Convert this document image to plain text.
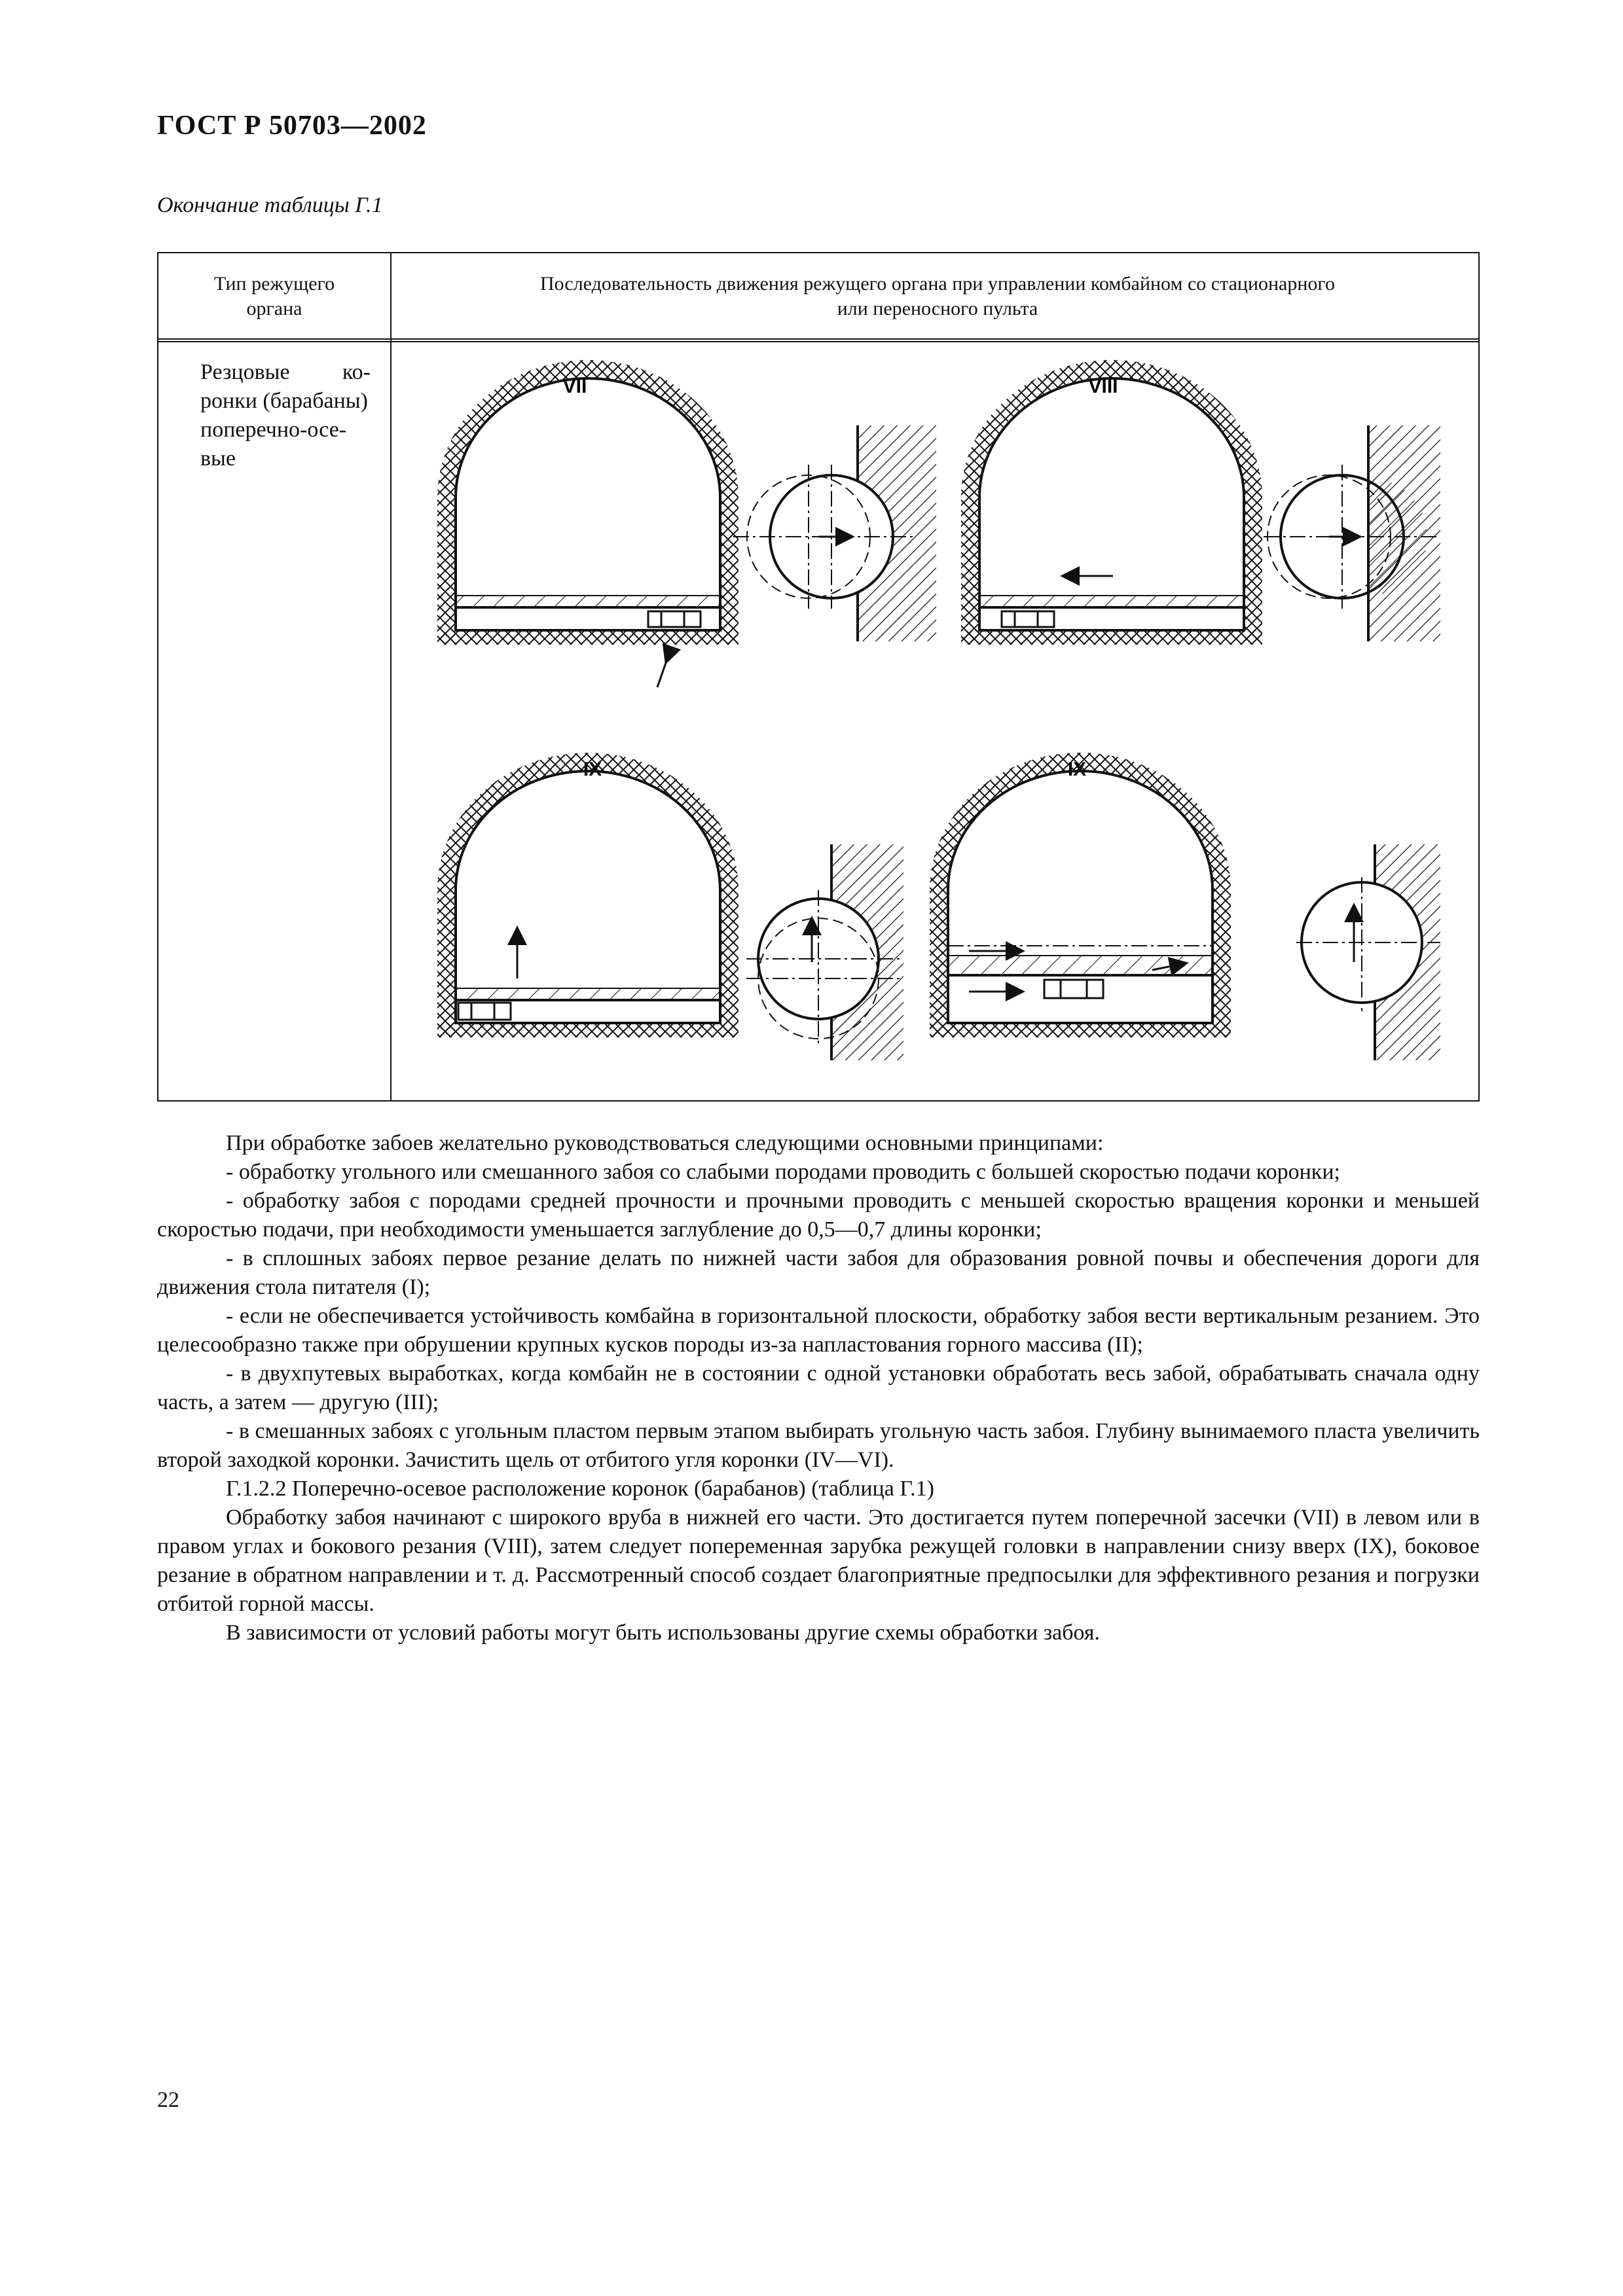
ГОСТ Р 50703—2002
Окончание таблицы Г.1
Тип режущего
органа
Последовательность движения режущего органа при управлении комбайном со стационарного
или переносного пульта
Резцовые ко-
ронки (барабаны)
поперечно-осе-
вые
VII	VIII

При обработке забоев желательно руководствоваться следующими основными принципами:

- обработку угольного или смешанного забоя со слабыми породами проводить с большей скоростью подачи коронки;

- обработку забоя с породами средней прочности и прочными проводить с меньшей скоростью вращения коронки и меньшей скоростью подачи, при необходимости уменьшается заглубление до 0,5—0,7 длины коронки;

- в сплошных забоях первое резание делать по нижней части забоя для образования ровной почвы и обеспечения дороги для движения стола питателя (I);

- если не обеспечивается устойчивость комбайна в горизонтальной плоскости, обработку забоя вести вертикальным резанием. Это целесообразно также при обрушении крупных кусков породы из-за напластования горного массива (II);

- в двухпутевых выработках, когда комбайн не в состоянии с одной установки обработать весь забой, обрабатывать сначала одну часть, а затем — другую (III);

- в смешанных забоях с угольным пластом первым этапом выбирать угольную часть забоя. Глубину вынимаемого пласта увеличить второй заходкой коронки. Зачистить щель от отбитого угля коронки (IV—VI).

Г.1.2.2 Поперечно-осевое расположение коронок (барабанов) (таблица Г.1)

Обработку забоя начинают с широкого вруба в нижней его части. Это достигается путем поперечной засечки (VII) в левом или в правом углах и бокового резания (VIII), затем следует попеременная зарубка режущей головки в направлении снизу вверх (IX), боковое резание в обратном направлении и т. д. Рассмотренный способ создает благоприятные предпосылки для эффективного резания и погрузки отбитой горной массы.

В зависимости от условий работы могут быть использованы другие схемы обработки забоя.

22
